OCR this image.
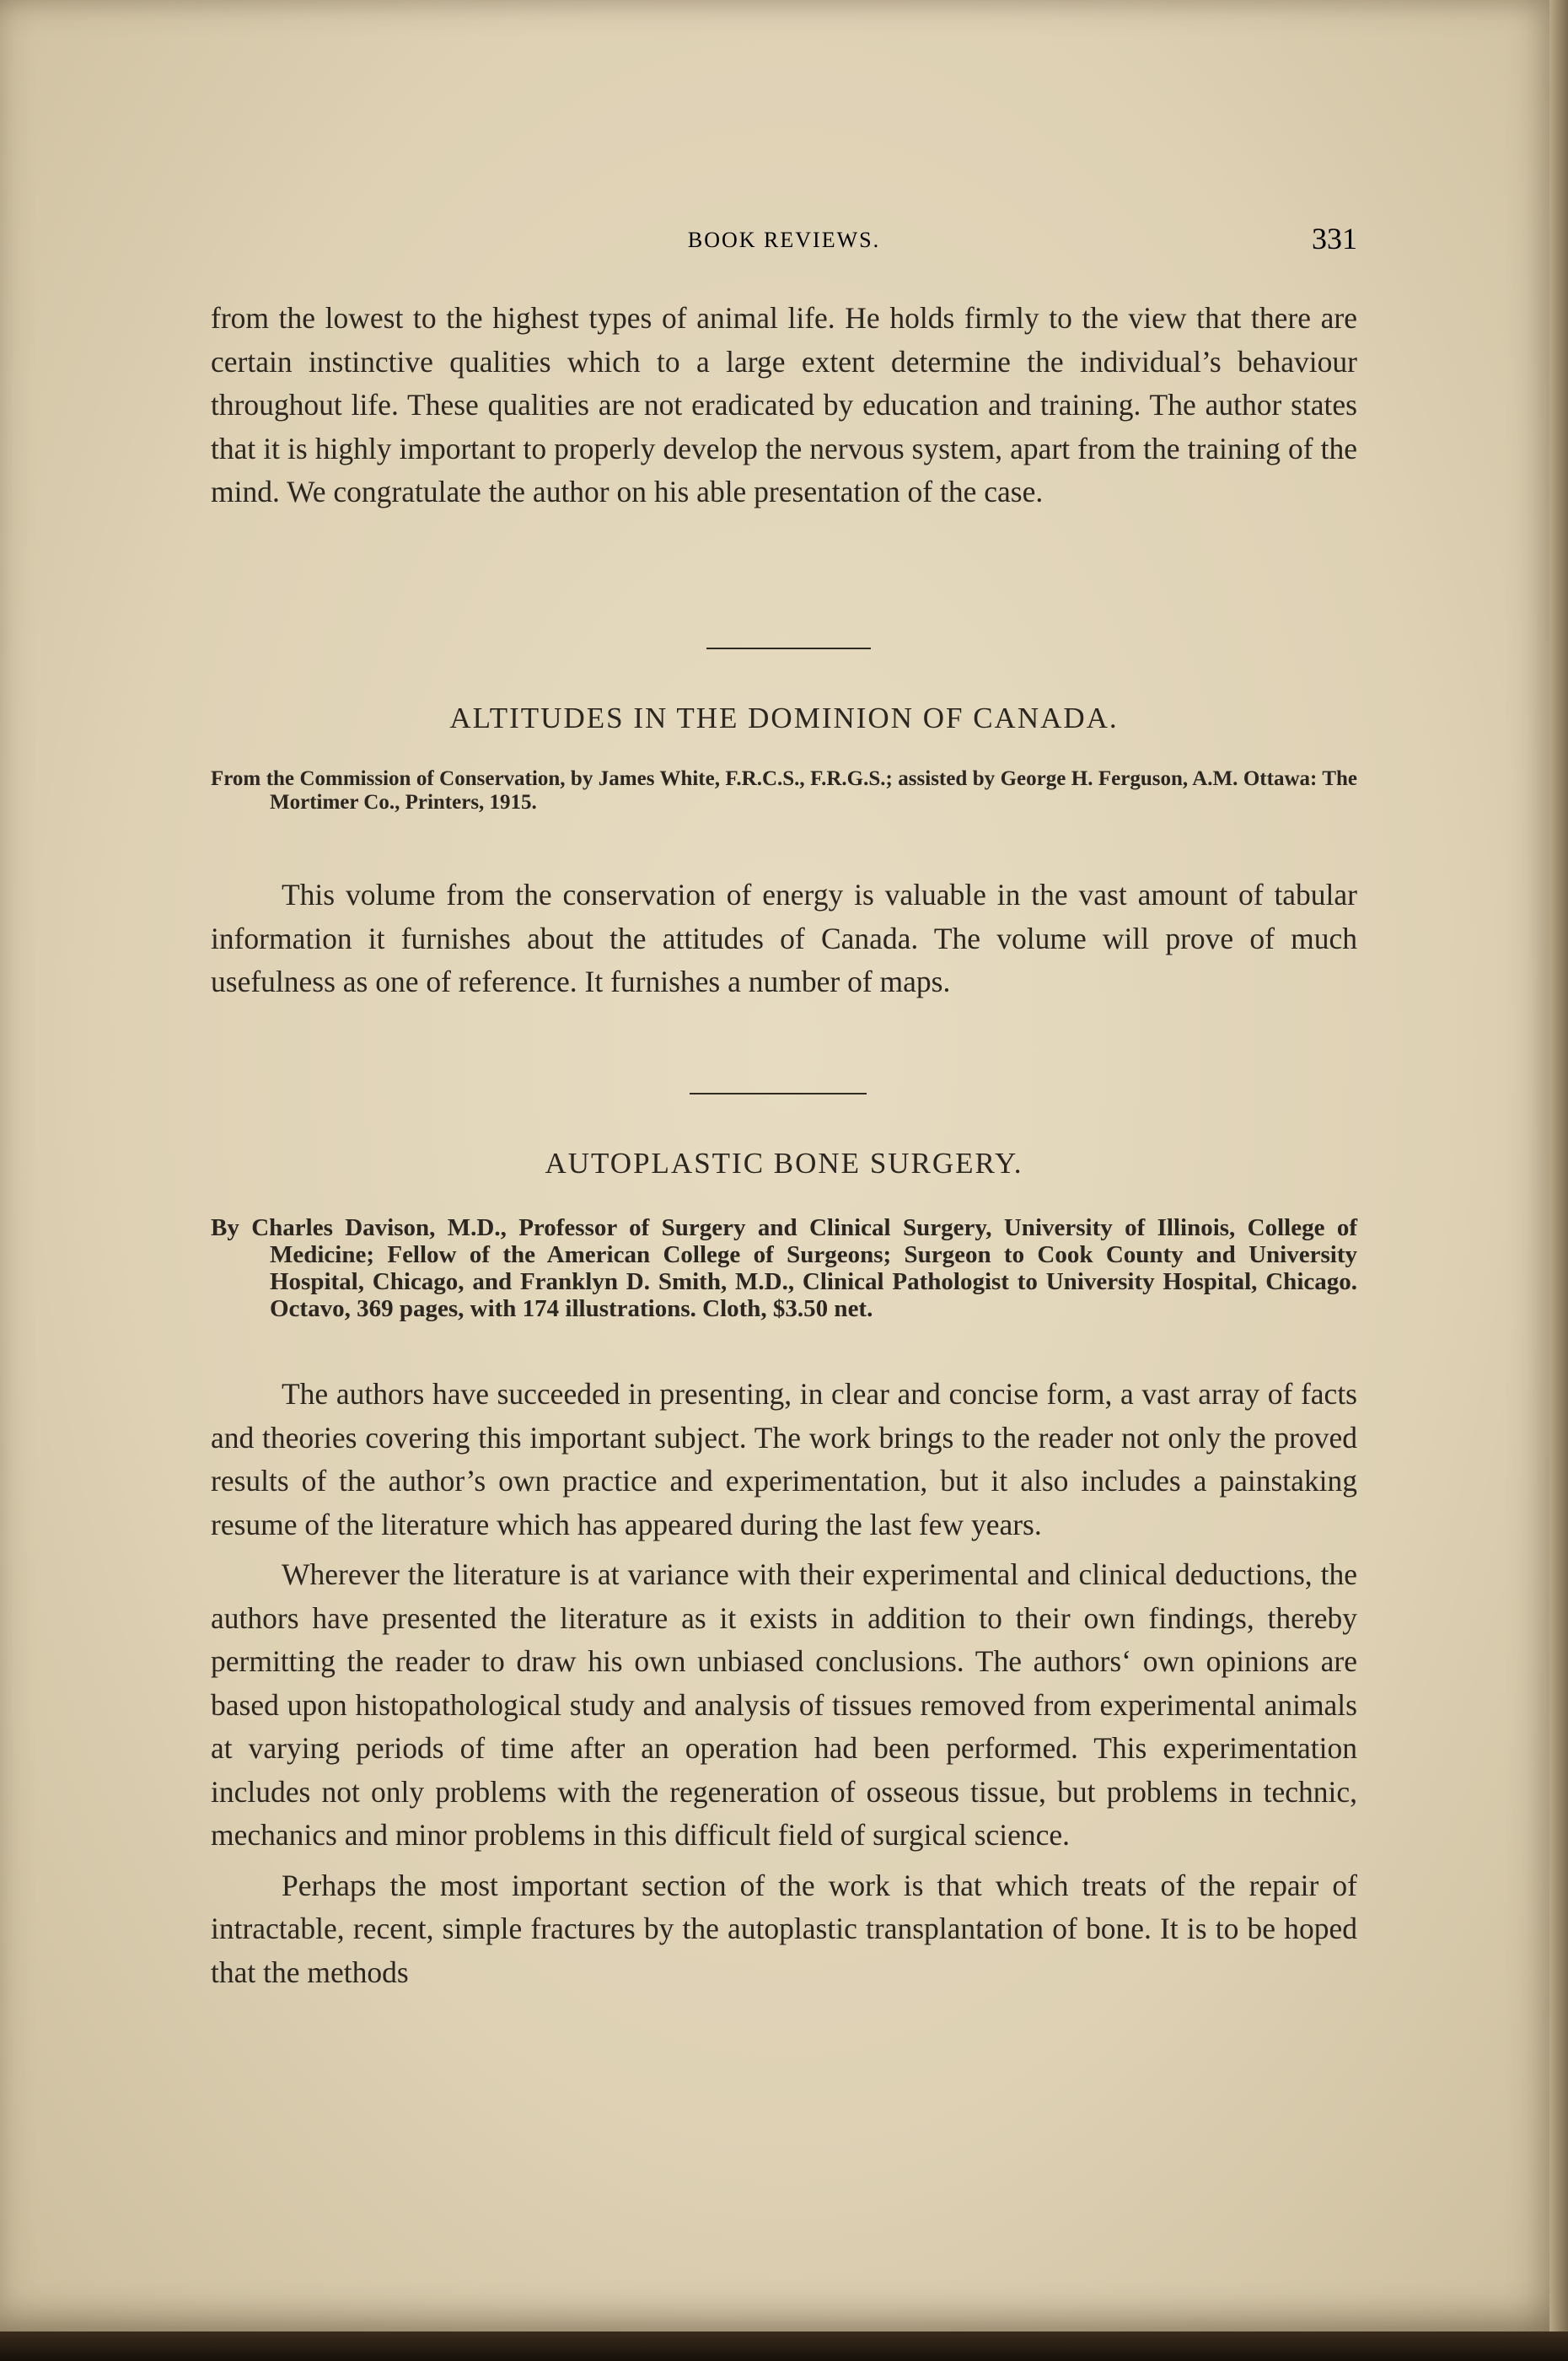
BOOK REVIEWS.	331

from the lowest to the highest types of animal life. He holds firmly to the view that there are certain instinctive qualities which to a large extent determine the individual’s behaviour throughout life. These qualities are not eradicated by education and training. The author states that it is highly important to properly develop the nervous system, apart from the training of the mind. We congratulate the author on his able presentation of the case.

ALTITUDES IN THE DOMINION OF CANADA.

From the Commission of Conservation, by James White, F.R.C.S., F.R.G.S.; assisted by George H. Ferguson, A.M. Ottawa: The Mortimer Co., Printers, 1915.

This volume from the conservation of energy is valuable in the vast amount of tabular information it furnishes about the attitudes of Canada. The volume will prove of much usefulness as one of reference. It furnishes a number of maps.

AUTOPLASTIC BONE SURGERY.

By Charles Davison, M.D., Professor of Surgery and Clinical Surgery, University of Illinois, College of Medicine; Fellow of the American College of Surgeons; Surgeon to Cook County and University Hospital, Chicago, and Franklyn D. Smith, M.D., Clinical Pathologist to University Hospital, Chicago. Octavo, 369 pages, with 174 illustrations. Cloth, $3.50 net.

The authors have succeeded in presenting, in clear and concise form, a vast array of facts and theories covering this important subject. The work brings to the reader not only the proved results of the author’s own practice and experimentation, but it also includes a painstaking resume of the literature which has appeared during the last few years.

Wherever the literature is at variance with their experimental and clinical deductions, the authors have presented the literature as it exists in addition to their own findings, thereby permitting the reader to draw his own unbiased conclusions. The authors‘ own opinions are based upon histopathological study and analysis of tissues removed from experimental animals at varying periods of time after an operation had been performed. This experimentation includes not only problems with the regeneration of osseous tissue, but problems in technic, mechanics and minor problems in this difficult field of surgical science.

Perhaps the most important section of the work is that which treats of the repair of intractable, recent, simple fractures by the autoplastic transplantation of bone. It is to be hoped that the methods
